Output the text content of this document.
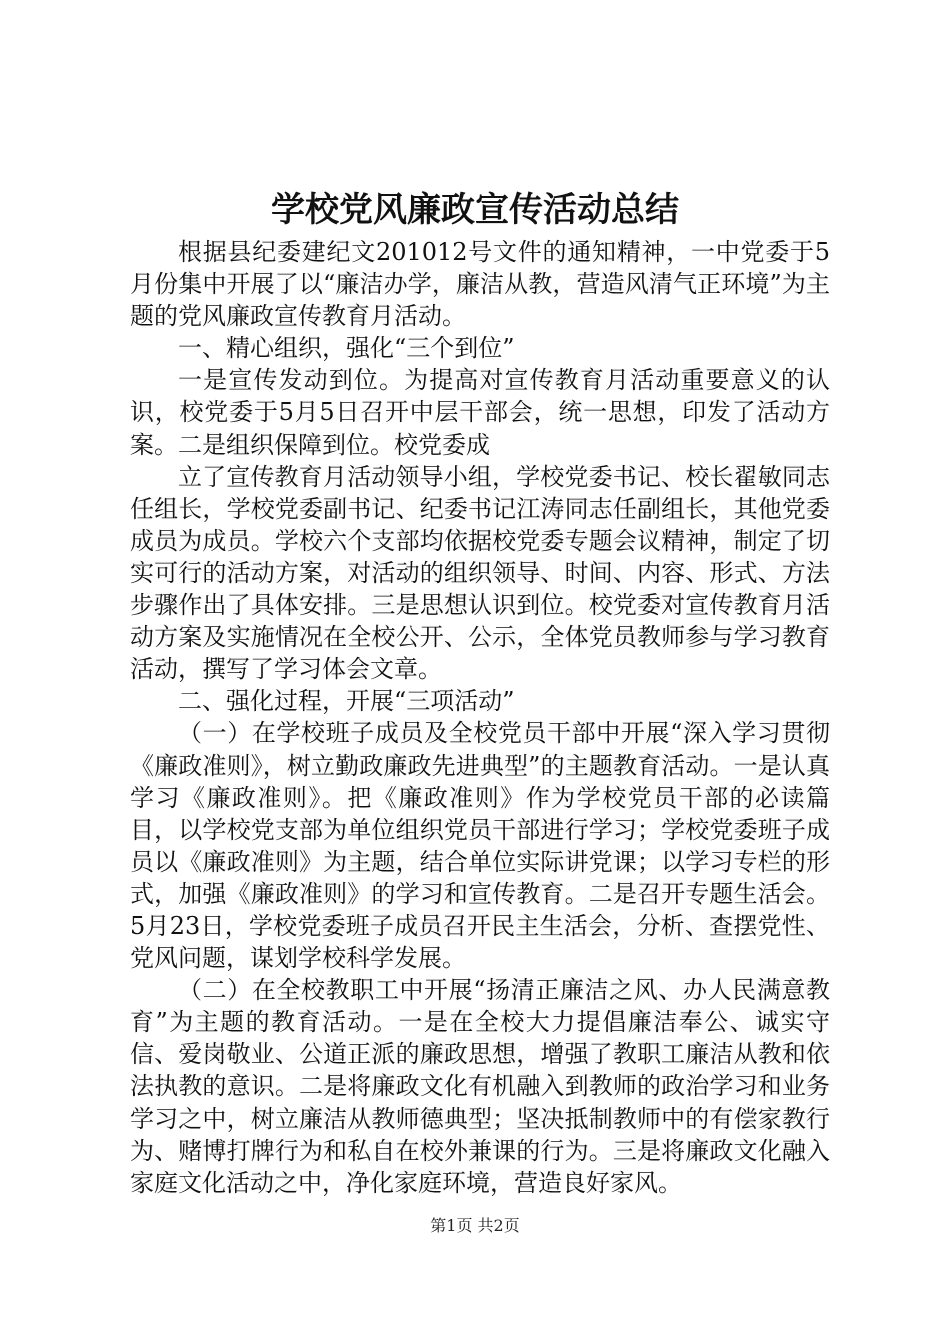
学校党风廉政宣传活动总结

根据县纪委建纪文201012号文件的通知精神，一中党委于5月份集中开展了以“廉洁办学，廉洁从教，营造风清气正环境”为主题的党风廉政宣传教育月活动。

一、精心组织，强化“三个到位”

一是宣传发动到位。为提高对宣传教育月活动重要意义的认识，校党委于5月5日召开中层干部会，统一思想，印发了活动方案。二是组织保障到位。校党委成

立了宣传教育月活动领导小组，学校党委书记、校长翟敏同志任组长，学校党委副书记、纪委书记江涛同志任副组长，其他党委成员为成员。学校六个支部均依据校党委专题会议精神，制定了切实可行的活动方案，对活动的组织领导、时间、内容、形式、方法步骤作出了具体安排。三是思想认识到位。校党委对宣传教育月活动方案及实施情况在全校公开、公示，全体党员教师参与学习教育活动，撰写了学习体会文章。

二、强化过程，开展“三项活动”

（一）在学校班子成员及全校党员干部中开展“深入学习贯彻《廉政准则》，树立勤政廉政先进典型”的主题教育活动。一是认真学习《廉政准则》。把《廉政准则》作为学校党员干部的必读篇目，以学校党支部为单位组织党员干部进行学习；学校党委班子成员以《廉政准则》为主题，结合单位实际讲党课；以学习专栏的形式，加强《廉政准则》的学习和宣传教育。二是召开专题生活会。5月23日，学校党委班子成员召开民主生活会，分析、查摆党性、党风问题，谋划学校科学发展。

（二）在全校教职工中开展“扬清正廉洁之风、办人民满意教育”为主题的教育活动。一是在全校大力提倡廉洁奉公、诚实守信、爱岗敬业、公道正派的廉政思想，增强了教职工廉洁从教和依法执教的意识。二是将廉政文化有机融入到教师的政治学习和业务学习之中，树立廉洁从教师德典型；坚决抵制教师中的有偿家教行为、赌博打牌行为和私自在校外兼课的行为。三是将廉政文化融入家庭文化活动之中，净化家庭环境，营造良好家风。

第1页 共2页
